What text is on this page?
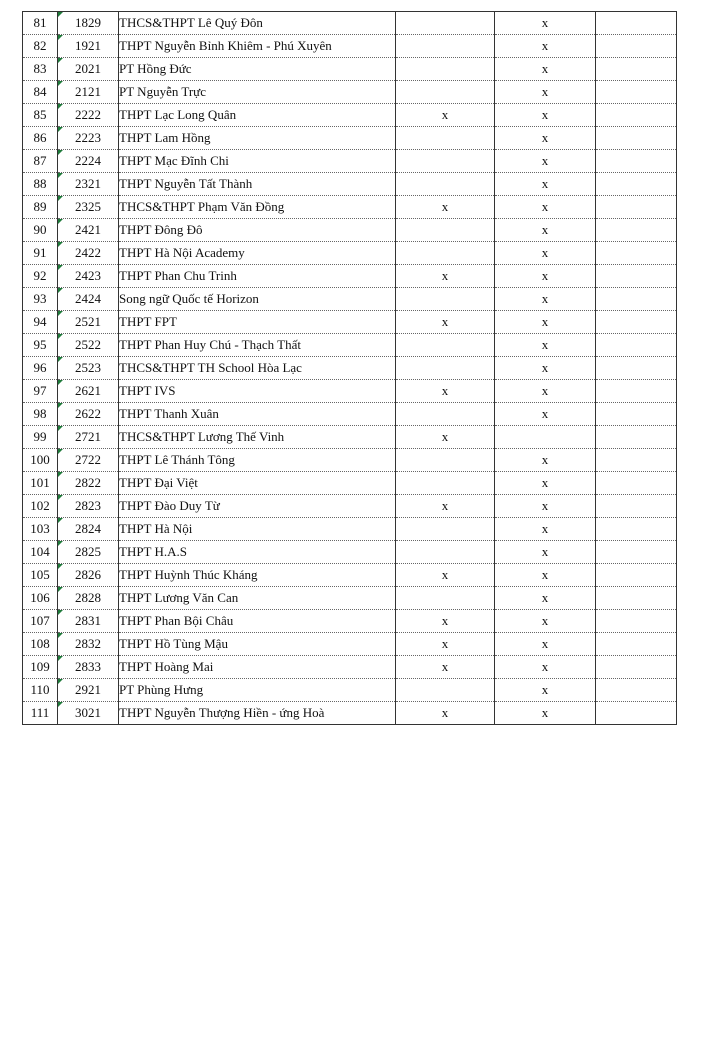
81	1829	THCS&THPT Lê Quý Đôn		x	
82	1921	THPT Nguyễn Bỉnh Khiêm - Phú Xuyên		x	
83	2021	PT Hồng Đức		x	
84	2121	PT Nguyễn Trực		x	
85	2222	THPT Lạc Long Quân	x	x	
86	2223	THPT Lam Hồng		x	
87	2224	THPT Mạc Đĩnh Chi		x	
88	2321	THPT Nguyễn Tất Thành		x	
89	2325	THCS&THPT Phạm Văn Đồng	x	x	
90	2421	THPT Đông Đô		x	
91	2422	THPT Hà Nội Academy		x	
92	2423	THPT Phan Chu Trinh	x	x	
93	2424	Song ngữ Quốc tế Horizon		x	
94	2521	THPT FPT	x	x	
95	2522	THPT Phan Huy Chú - Thạch Thất		x	
96	2523	THCS&THPT TH School Hòa Lạc		x	
97	2621	THPT IVS	x	x	
98	2622	THPT Thanh Xuân		x	
99	2721	THCS&THPT Lương Thế Vinh	x		
100	2722	THPT Lê Thánh Tông		x	
101	2822	THPT Đại Việt		x	
102	2823	THPT Đào Duy Từ	x	x	
103	2824	THPT Hà Nội		x	
104	2825	THPT H.A.S		x	
105	2826	THPT Huỳnh Thúc Kháng	x	x	
106	2828	THPT Lương Văn Can		x	
107	2831	THPT Phan Bội Châu	x	x	
108	2832	THPT Hồ Tùng Mậu	x	x	
109	2833	THPT Hoàng Mai	x	x	
110	2921	PT Phùng Hưng		x	
111	3021	THPT Nguyễn Thượng Hiền - ứng Hoà	x	x	
